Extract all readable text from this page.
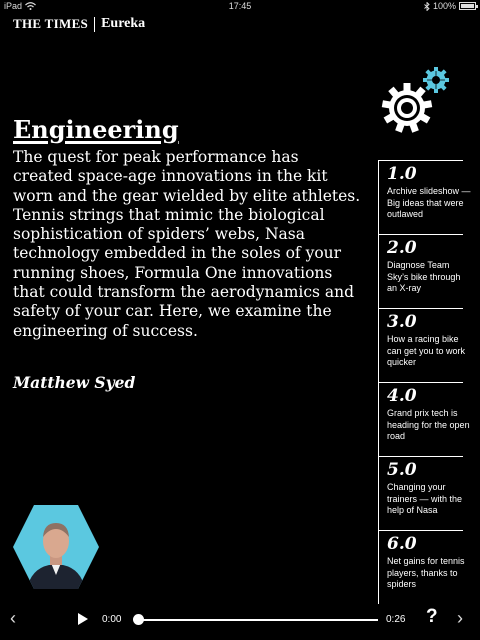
iPad	17:45	100%
THE TIMES Eureka
Engineering

The quest for peak performance has created space-age innovations in the kit worn and the gear wielded by elite athletes. Tennis strings that mimic the biological sophistication of spiders’ webs, Nasa technology embedded in the soles of your running shoes, Formula One innovations that could transform the aerodynamics and safety of your car. Here, we examine the engineering of success.

Matthew Syed
1.0
Archive slideshow — Big ideas that were outlawed
2.0
Diagnose Team Sky’s bike through an X-ray
3.0
How a racing bike can get you to work quicker
4.0
Grand prix tech is heading for the open road
5.0
Changing your trainers — with the help of Nasa
6.0
Net gains for tennis players, thanks to spiders
‹	0:00	0:26 ? ›
